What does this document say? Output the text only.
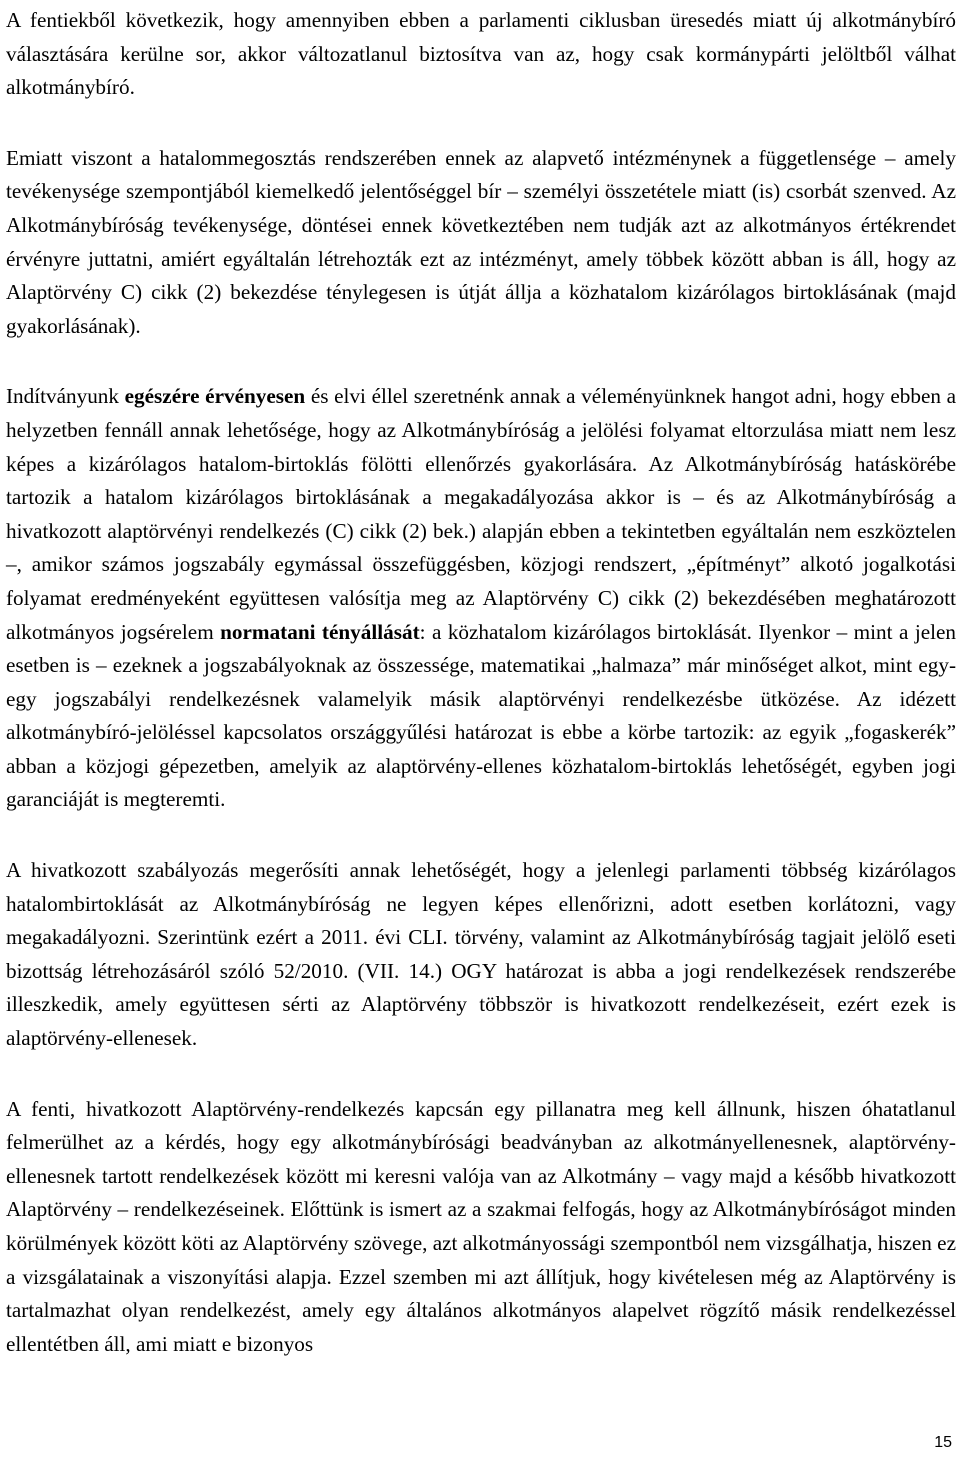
A fentiekből következik, hogy amennyiben ebben a parlamenti ciklusban üresedés miatt új alkotmánybíró választására kerülne sor, akkor változatlanul biztosítva van az, hogy csak kormánypárti jelöltből válhat alkotmánybíró.

Emiatt viszont a hatalommegosztás rendszerében ennek az alapvető intézménynek a függetlensége ‒ amely tevékenysége szempontjából kiemelkedő jelentőséggel bír ‒ személyi összetétele miatt (is) csorbát szenved. Az Alkotmánybíróság tevékenysége, döntései ennek következtében nem tudják azt az alkotmányos értékrendet érvényre juttatni, amiért egyáltalán létrehozták ezt az intézményt, amely többek között abban is áll, hogy az Alaptörvény C) cikk (2) bekezdése ténylegesen is útját állja a közhatalom kizárólagos birtoklásának (majd gyakorlásának).

Indítványunk egészére érvényesen és elvi éllel szeretnénk annak a véleményünknek hangot adni, hogy ebben a helyzetben fennáll annak lehetősége, hogy az Alkotmánybíróság a jelölési folyamat eltorzulása miatt nem lesz képes a kizárólagos hatalom-birtoklás fölötti ellenőrzés gyakorlására. Az Alkotmánybíróság hatáskörébe tartozik a hatalom kizárólagos birtoklásának a megakadályozása akkor is – és az Alkotmánybíróság a hivatkozott alaptörvényi rendelkezés (C) cikk (2) bek.) alapján ebben a tekintetben egyáltalán nem eszköztelen –, amikor számos jogszabály egymással összefüggésben, közjogi rendszert, „építményt” alkotó jogalkotási folyamat eredményeként együttesen valósítja meg az Alaptörvény C) cikk (2) bekezdésében meghatározott alkotmányos jogsérelem normatani tényállását: a közhatalom kizárólagos birtoklását. Ilyenkor ‒ mint a jelen esetben is ‒ ezeknek a jogszabályoknak az összessége, matematikai „halmaza” már minőséget alkot, mint egy-egy jogszabályi rendelkezésnek valamelyik másik alaptörvényi rendelkezésbe ütközése. Az idézett alkotmánybíró-jelöléssel kapcsolatos országgyűlési határozat is ebbe a körbe tartozik: az egyik „fogaskerék” abban a közjogi gépezetben, amelyik az alaptörvény-ellenes közhatalom-birtoklás lehetőségét, egyben jogi garanciáját is megteremti.

A hivatkozott szabályozás megerősíti annak lehetőségét, hogy a jelenlegi parlamenti többség kizárólagos hatalombirtoklását az Alkotmánybíróság ne legyen képes ellenőrizni, adott esetben korlátozni, vagy megakadályozni. Szerintünk ezért a 2011. évi CLI. törvény, valamint az Alkotmánybíróság tagjait jelölő eseti bizottság létrehozásáról szóló 52/2010. (VII. 14.) OGY határozat is abba a jogi rendelkezések rendszerébe illeszkedik, amely együttesen sérti az Alaptörvény többször is hivatkozott rendelkezéseit, ezért ezek is alaptörvény-ellenesek.

A fenti, hivatkozott Alaptörvény-rendelkezés kapcsán egy pillanatra meg kell állnunk, hiszen óhatatlanul felmerülhet az a kérdés, hogy egy alkotmánybírósági beadványban az alkotmányellenesnek, alaptörvény-ellenesnek tartott rendelkezések között mi keresni valója van az Alkotmány ‒ vagy majd a később hivatkozott Alaptörvény ‒ rendelkezéseinek. Előttünk is ismert az a szakmai felfogás, hogy az Alkotmánybíróságot minden körülmények között köti az Alaptörvény szövege, azt alkotmányossági szempontból nem vizsgálhatja, hiszen ez a vizsgálatainak a viszonyítási alapja. Ezzel szemben mi azt állítjuk, hogy kivételesen még az Alaptörvény is tartalmazhat olyan rendelkezést, amely egy általános alkotmányos alapelvet rögzítő másik rendelkezéssel ellentétben áll, ami miatt e bizonyos

15
